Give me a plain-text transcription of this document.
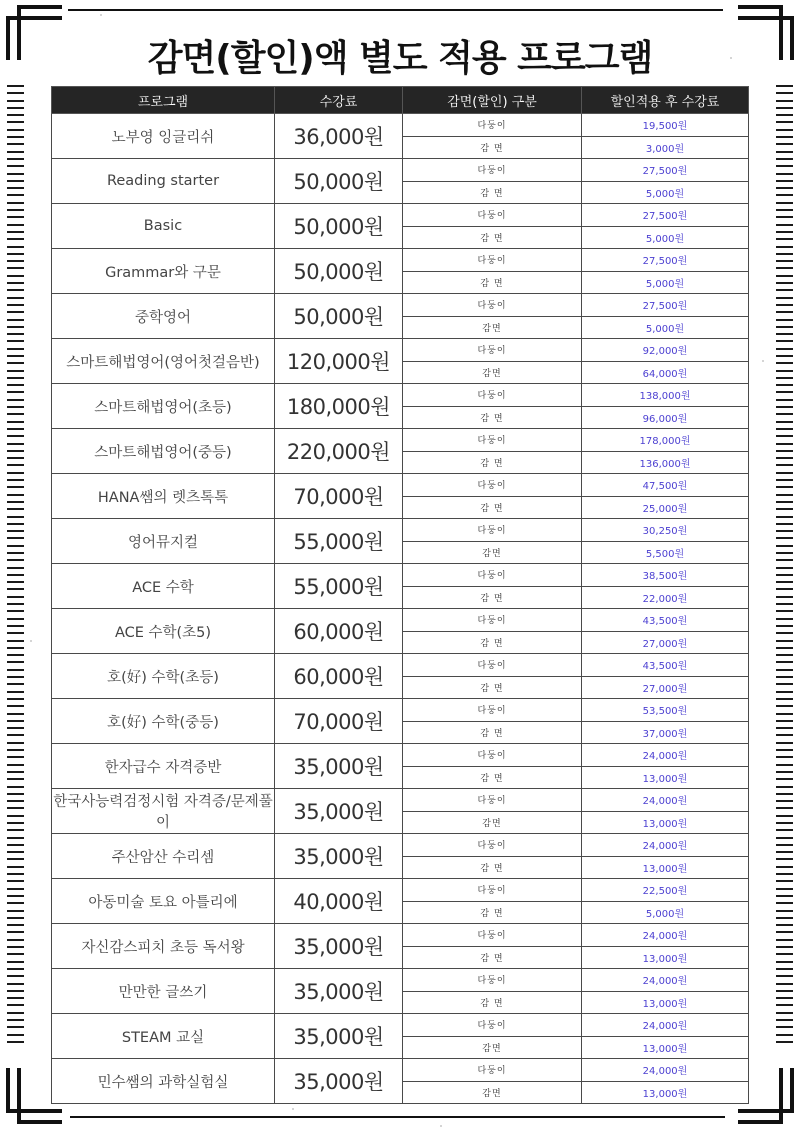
감면(할인)액 별도 적용 프로그램
프로그램	수강료	감면(할인) 구분	할인적용 후 수강료
노부영 잉글리쉬	36,000원	다둥이	19,500원
		감 면	3,000원
Reading starter	50,000원	다둥이	27,500원
		감 면	5,000원
Basic	50,000원	다둥이	27,500원
		감 면	5,000원
Grammar와 구문	50,000원	다둥이	27,500원
		감 면	5,000원
중학영어	50,000원	다둥이	27,500원
		감면	5,000원
스마트해법영어(영어첫걸음반)	120,000원	다둥이	92,000원
		감면	64,000원
스마트해법영어(초등)	180,000원	다둥이	138,000원
		감 면	96,000원
스마트해법영어(중등)	220,000원	다둥이	178,000원
		감 면	136,000원
HANA쌤의 렛츠톡톡	70,000원	다둥이	47,500원
		감 면	25,000원
영어뮤지컬	55,000원	다둥이	30,250원
		감면	5,500원
ACE 수학	55,000원	다둥이	38,500원
		감 면	22,000원
ACE 수학(초5)	60,000원	다둥이	43,500원
		감 면	27,000원
호(好) 수학(초등)	60,000원	다둥이	43,500원
		감 면	27,000원
호(好) 수학(중등)	70,000원	다둥이	53,500원
		감 면	37,000원
한자급수 자격증반	35,000원	다둥이	24,000원
		감 면	13,000원
한국사능력검정시험 자격증/문제풀이	35,000원	다둥이	24,000원
		감면	13,000원
주산암산 수리셈	35,000원	다둥이	24,000원
		감 면	13,000원
아동미술 토요 아틀리에	40,000원	다둥이	22,500원
		감 면	5,000원
자신감스피치 초등 독서왕	35,000원	다둥이	24,000원
		감 면	13,000원
만만한 글쓰기	35,000원	다둥이	24,000원
		감 면	13,000원
STEAM 교실	35,000원	다둥이	24,000원
		감면	13,000원
민수쌤의 과학실험실	35,000원	다둥이	24,000원
		감면	13,000원
